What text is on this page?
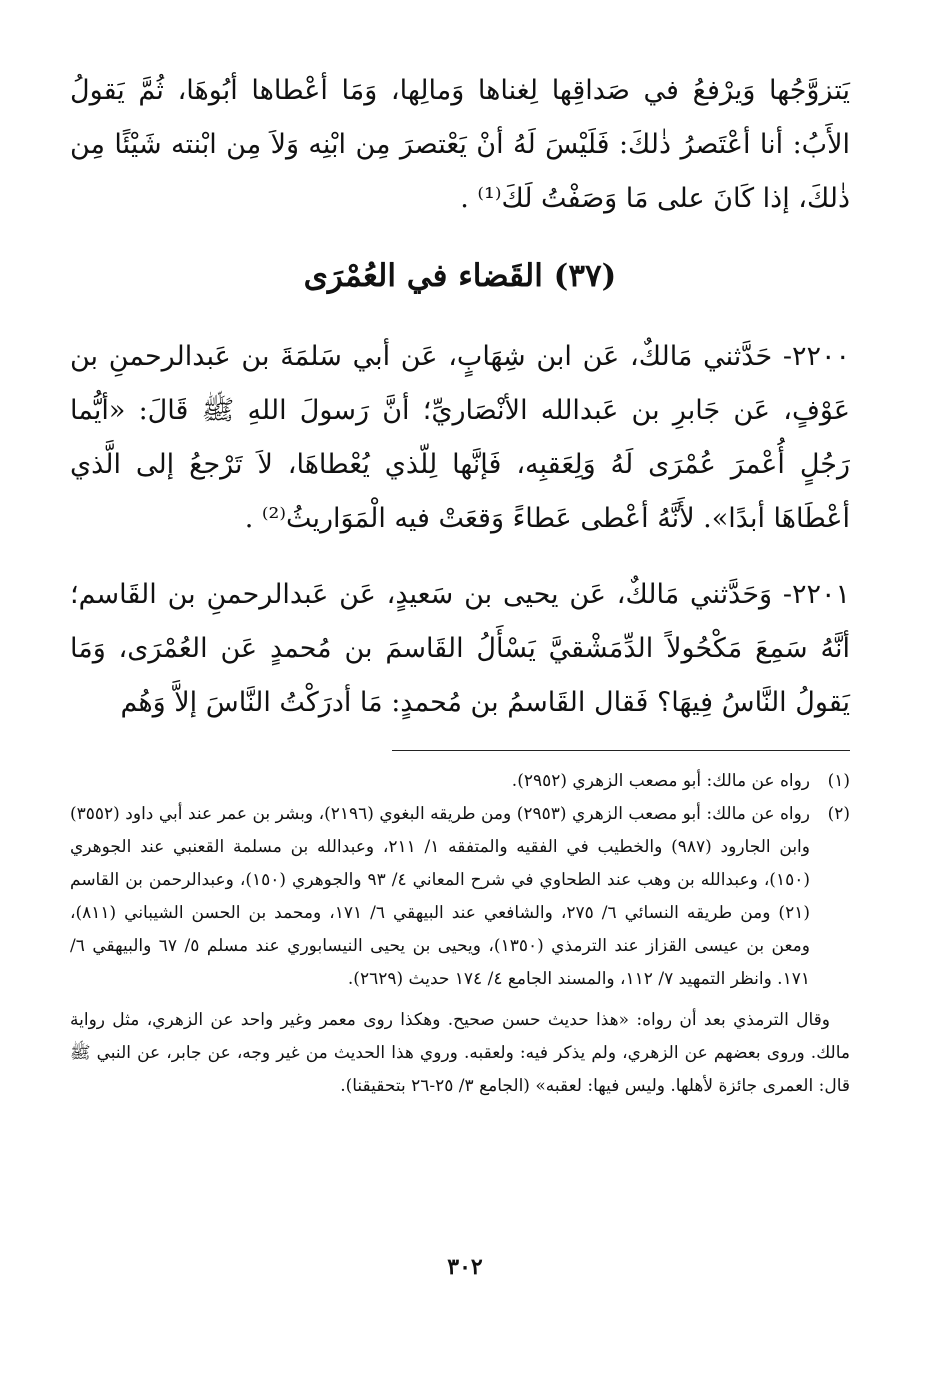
يَتزوَّجُها وَيرْفعُ في صَداقِها لِغناها وَمالِها، وَمَا أعْطاها أبُوهَا، ثُمَّ يَقولُ الأَبُ: أنا أعْتَصرُ ذٰلكَ: فَلَيْسَ لَهُ أنْ يَعْتصرَ مِن ابْنِه وَلاَ مِن ابْنته شَيْئًا مِن ذٰلكَ، إذا كَانَ على مَا وَصَفْتُ لَكَ⁽¹⁾ .

(٣٧) القَضاء في العُمْرَى

٢٢٠٠- حَدَّثني مَالكٌ، عَن ابن شِهَابٍ، عَن أبي سَلمَةَ بن عَبدالرحمنِ بن عَوْفٍ، عَن جَابرِ بن عَبدالله الأنْصَاريِّ؛ أنَّ رَسولَ اللهِ ﷺ قَالَ: «أيُّما رَجُلٍ أُعْمرَ عُمْرَى لَهُ وَلِعَقبِه، فَإنَّها لِلّذي يُعْطاهَا، لاَ تَرْجعُ إلى الَّذي أعْطَاهَا أبدًا». لأَنَّهُ أعْطى عَطاءً وَقعَتْ فيه الْمَوَاريثُ⁽²⁾ .

٢٢٠١- وَحَدَّثني مَالكٌ، عَن يحيى بن سَعيدٍ، عَن عَبدالرحمنِ بن القَاسم؛ أنَّهُ سَمِعَ مَكْحُولاً الدِّمَشْقيَّ يَسْأَلُ القَاسمَ بن مُحمدٍ عَن العُمْرَى، وَمَا يَقولُ النَّاسُ فِيهَا؟ فَقال القَاسمُ بن مُحمدٍ: مَا أدرَكْتُ النَّاسَ إلاَّ وَهُم

(١)
رواه عن مالك: أبو مصعب الزهري (٢٩٥٢).
(٢)
رواه عن مالك: أبو مصعب الزهري (٢٩٥٣) ومن طريقه البغوي (٢١٩٦)، وبشر بن عمر عند أبي داود (٣٥٥٢) وابن الجارود (٩٨٧) والخطيب في الفقيه والمتفقه ١/ ٢١١، وعبدالله بن مسلمة القعنبي عند الجوهري (١٥٠)، وعبدالله بن وهب عند الطحاوي في شرح المعاني ٤/ ٩٣ والجوهري (١٥٠)، وعبدالرحمن بن القاسم (٢١) ومن طريقه النسائي ٦/ ٢٧٥، والشافعي عند البيهقي ٦/ ١٧١، ومحمد بن الحسن الشيباني (٨١١)، ومعن بن عيسى القزاز عند الترمذي (١٣٥٠)، ويحيى بن يحيى النيسابوري عند مسلم ٥/ ٦٧ والبيهقي ٦/ ١٧١. وانظر التمهيد ٧/ ١١٢، والمسند الجامع ٤/ ١٧٤ حديث (٢٦٢٩).

وقال الترمذي بعد أن رواه: «هذا حديث حسن صحيح. وهكذا روى معمر وغير واحد عن الزهري، مثل رواية مالك. وروى بعضهم عن الزهري، ولم يذكر فيه: ولعقبه. وروي هذا الحديث من غير وجه، عن جابر، عن النبي ﷺ قال: العمرى جائزة لأهلها. وليس فيها: لعقبه» (الجامع ٣/ ٢٥-٢٦ بتحقيقنا).

٣٠٢
